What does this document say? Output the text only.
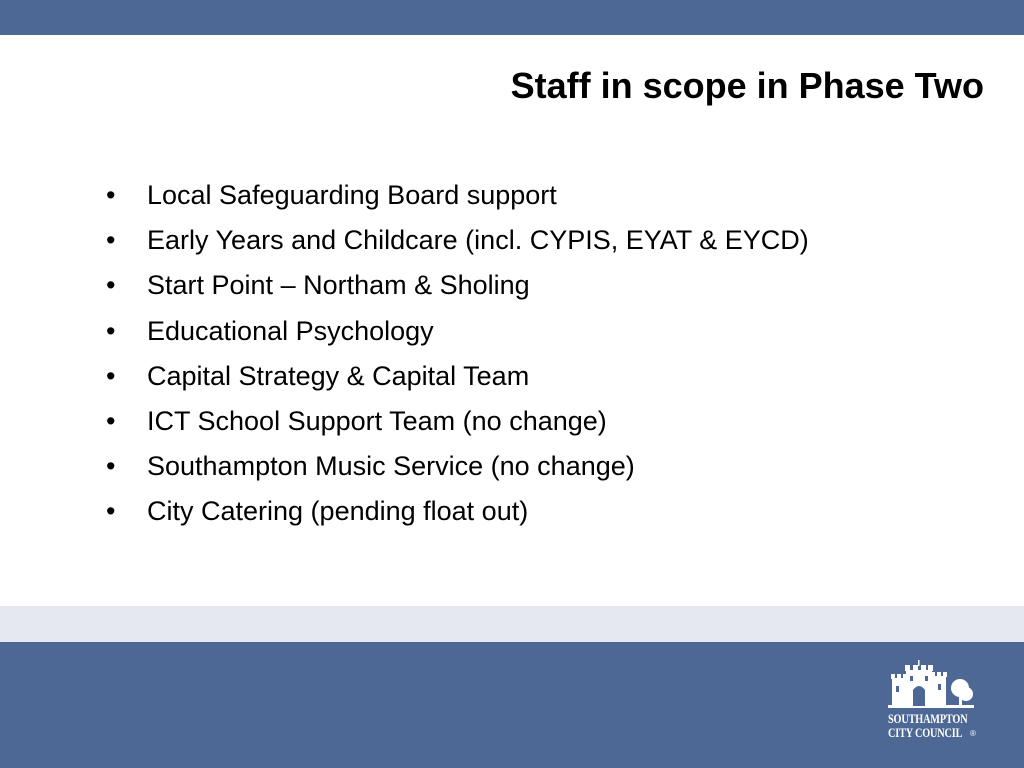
Staff in scope in Phase Two
•	Local Safeguarding Board support
•	Early Years and Childcare (incl. CYPIS, EYAT & EYCD)
•	Start Point – Northam & Sholing
•	Educational Psychology
•	Capital Strategy & Capital Team
•	ICT School Support Team (no change)
•	Southampton Music Service (no change)
•	City Catering (pending float out)
SOUTHAMPTON
CITY COUNCIL ®
